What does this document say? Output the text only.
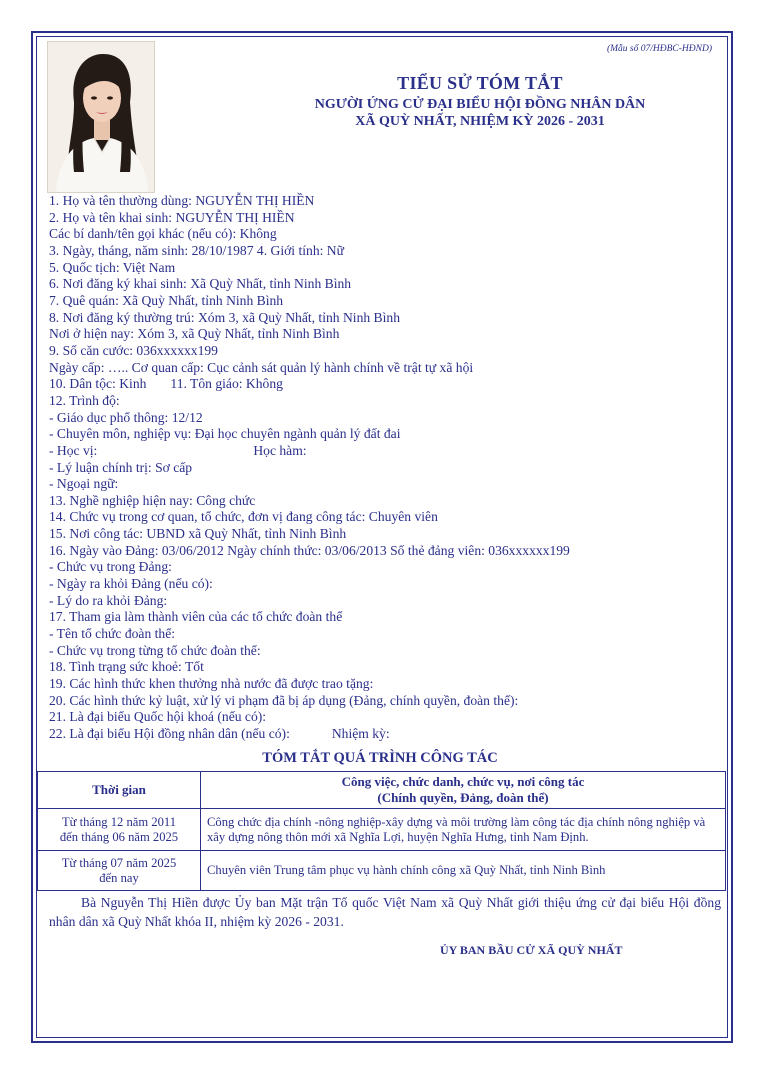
(Mẫu số 07/HĐBC-HĐND)
TIỂU SỬ TÓM TẮT
NGƯỜI ỨNG CỬ ĐẠI BIỂU HỘI ĐỒNG NHÂN DÂN
XÃ QUỲ NHẤT, NHIỆM KỲ 2026 - 2031
1. Họ và tên thường dùng: NGUYỄN THỊ HIỀN
2. Họ và tên khai sinh: NGUYỄN THỊ HIỀN
Các bí danh/tên gọi khác (nếu có): Không
3. Ngày, tháng, năm sinh: 28/10/1987 4. Giới tính: Nữ
5. Quốc tịch: Việt Nam
6. Nơi đăng ký khai sinh: Xã Quỳ Nhất, tỉnh Ninh Bình
7. Quê quán: Xã Quỳ Nhất, tỉnh Ninh Bình
8. Nơi đăng ký thường trú: Xóm 3, xã Quỳ Nhất, tỉnh Ninh Bình
Nơi ở hiện nay: Xóm 3, xã Quỳ Nhất, tỉnh Ninh Bình
9. Số căn cước: 036xxxxxx199
Ngày cấp: ….. Cơ quan cấp: Cục cảnh sát quản lý hành chính về trật tự xã hội
10. Dân tộc: Kinh 11. Tôn giáo: Không
12. Trình độ:
- Giáo dục phổ thông: 12/12
- Chuyên môn, nghiệp vụ: Đại học chuyên ngành quản lý đất đai
- Học vị:	Học hàm:
- Lý luận chính trị: Sơ cấp
- Ngoại ngữ:
13. Nghề nghiệp hiện nay: Công chức
14. Chức vụ trong cơ quan, tổ chức, đơn vị đang công tác: Chuyên viên
15. Nơi công tác: UBND xã Quỳ Nhất, tỉnh Ninh Bình
16. Ngày vào Đảng: 03/06/2012 Ngày chính thức: 03/06/2013 Số thẻ đảng viên: 036xxxxxx199
- Chức vụ trong Đảng:
- Ngày ra khỏi Đảng (nếu có):
- Lý do ra khỏi Đảng:
17. Tham gia làm thành viên của các tổ chức đoàn thể
- Tên tổ chức đoàn thể:
- Chức vụ trong từng tổ chức đoàn thể:
18. Tình trạng sức khoẻ: Tốt
19. Các hình thức khen thưởng nhà nước đã được trao tặng:
20. Các hình thức kỷ luật, xử lý vi phạm đã bị áp dụng (Đảng, chính quyền, đoàn thể):
21. Là đại biểu Quốc hội khoá (nếu có):
22. Là đại biểu Hội đồng nhân dân (nếu có):	Nhiệm kỳ:
TÓM TẮT QUÁ TRÌNH CÔNG TÁC
Thời gian	Công việc, chức danh, chức vụ, nơi công tác
(Chính quyền, Đảng, đoàn thể)

Từ tháng 12 năm 2011
đến tháng 06 năm 2025	Công chức địa chính -nông nghiệp-xây dựng và môi trường làm công tác địa chính nông nghiệp và xây dựng nông thôn mới xã Nghĩa Lợi, huyện Nghĩa Hưng, tỉnh Nam Định.

Từ tháng 07 năm 2025
đến nay	Chuyên viên Trung tâm phục vụ hành chính công xã Quỳ Nhất, tỉnh Ninh Bình
Bà Nguyễn Thị Hiền được Ủy ban Mặt trận Tổ quốc Việt Nam xã Quỳ Nhất giới thiệu ứng cử đại biểu Hội đồng nhân dân xã Quỳ Nhất khóa II, nhiệm kỳ 2026 - 2031.
ỦY BAN BẦU CỬ XÃ QUỲ NHẤT
